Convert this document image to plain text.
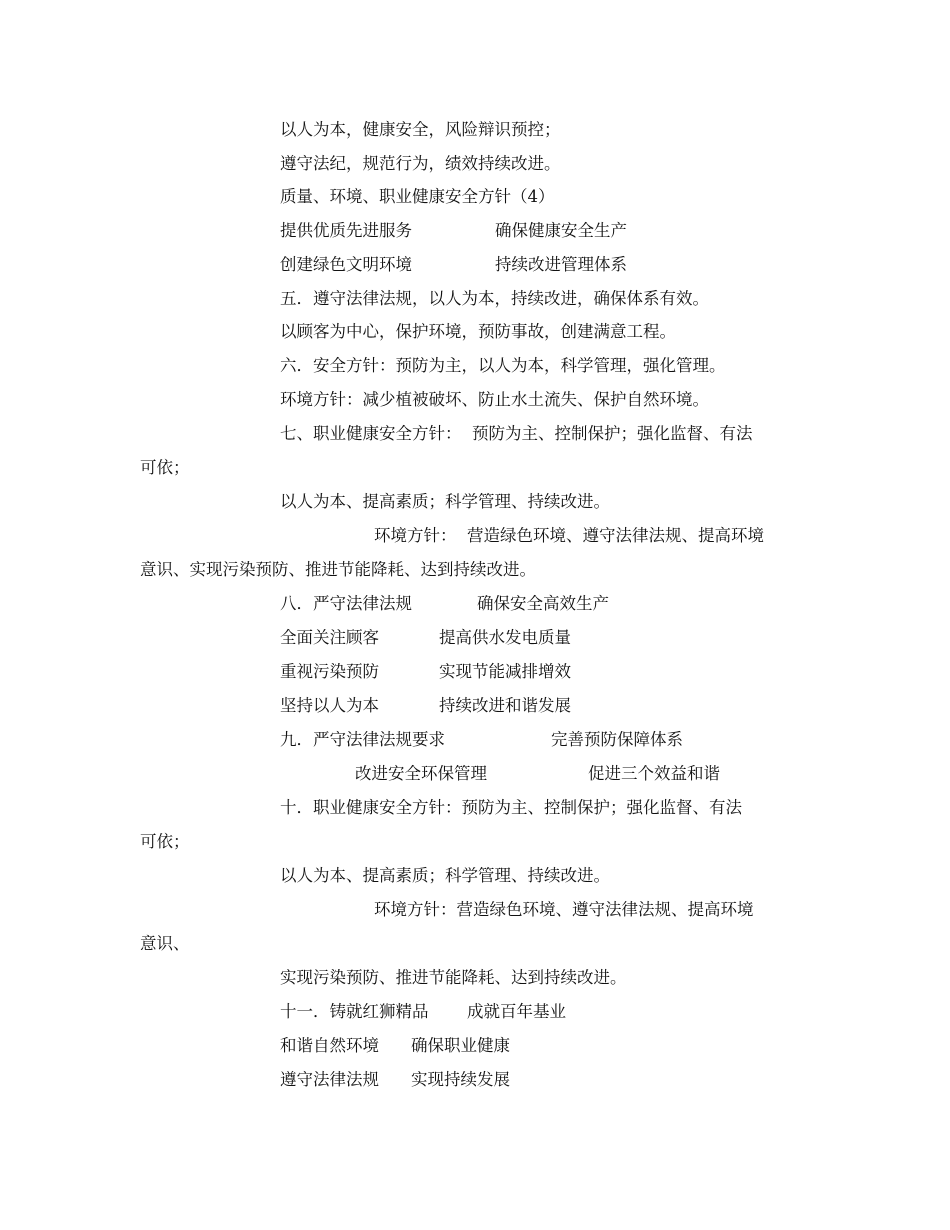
以人为本，健康安全，风险辩识预控；
遵守法纪，规范行为，绩效持续改进。
质量、环境、职业健康安全方针（4）
提供优质先进服务	确保健康安全生产
创建绿色文明环境	持续改进管理体系
五．遵守法律法规，以人为本，持续改进，确保体系有效。
以顾客为中心，保护环境，预防事故，创建满意工程。
六．安全方针：预防为主，以人为本，科学管理，强化管理。
环境方针：减少植被破坏、防止水土流失、保护自然环境。
七、职业健康安全方针：  预防为主、控制保护；强化监督、有法
可依；
以人为本、提高素质；科学管理、持续改进。
环境方针：  营造绿色环境、遵守法律法规、提高环境
意识、实现污染预防、推进节能降耗、达到持续改进。
八．严守法律法规	确保安全高效生产
全面关注顾客	提高供水发电质量
重视污染预防	实现节能减排增效
坚持以人为本	持续改进和谐发展
九．严守法律法规要求	完善预防保障体系
改进安全环保管理	促进三个效益和谐
十．职业健康安全方针：预防为主、控制保护；强化监督、有法
可依；
以人为本、提高素质；科学管理、持续改进。
环境方针：营造绿色环境、遵守法律法规、提高环境
意识、
实现污染预防、推进节能降耗、达到持续改进。
十一．铸就红狮精品 成就百年基业
和谐自然环境 确保职业健康
遵守法律法规 实现持续发展
